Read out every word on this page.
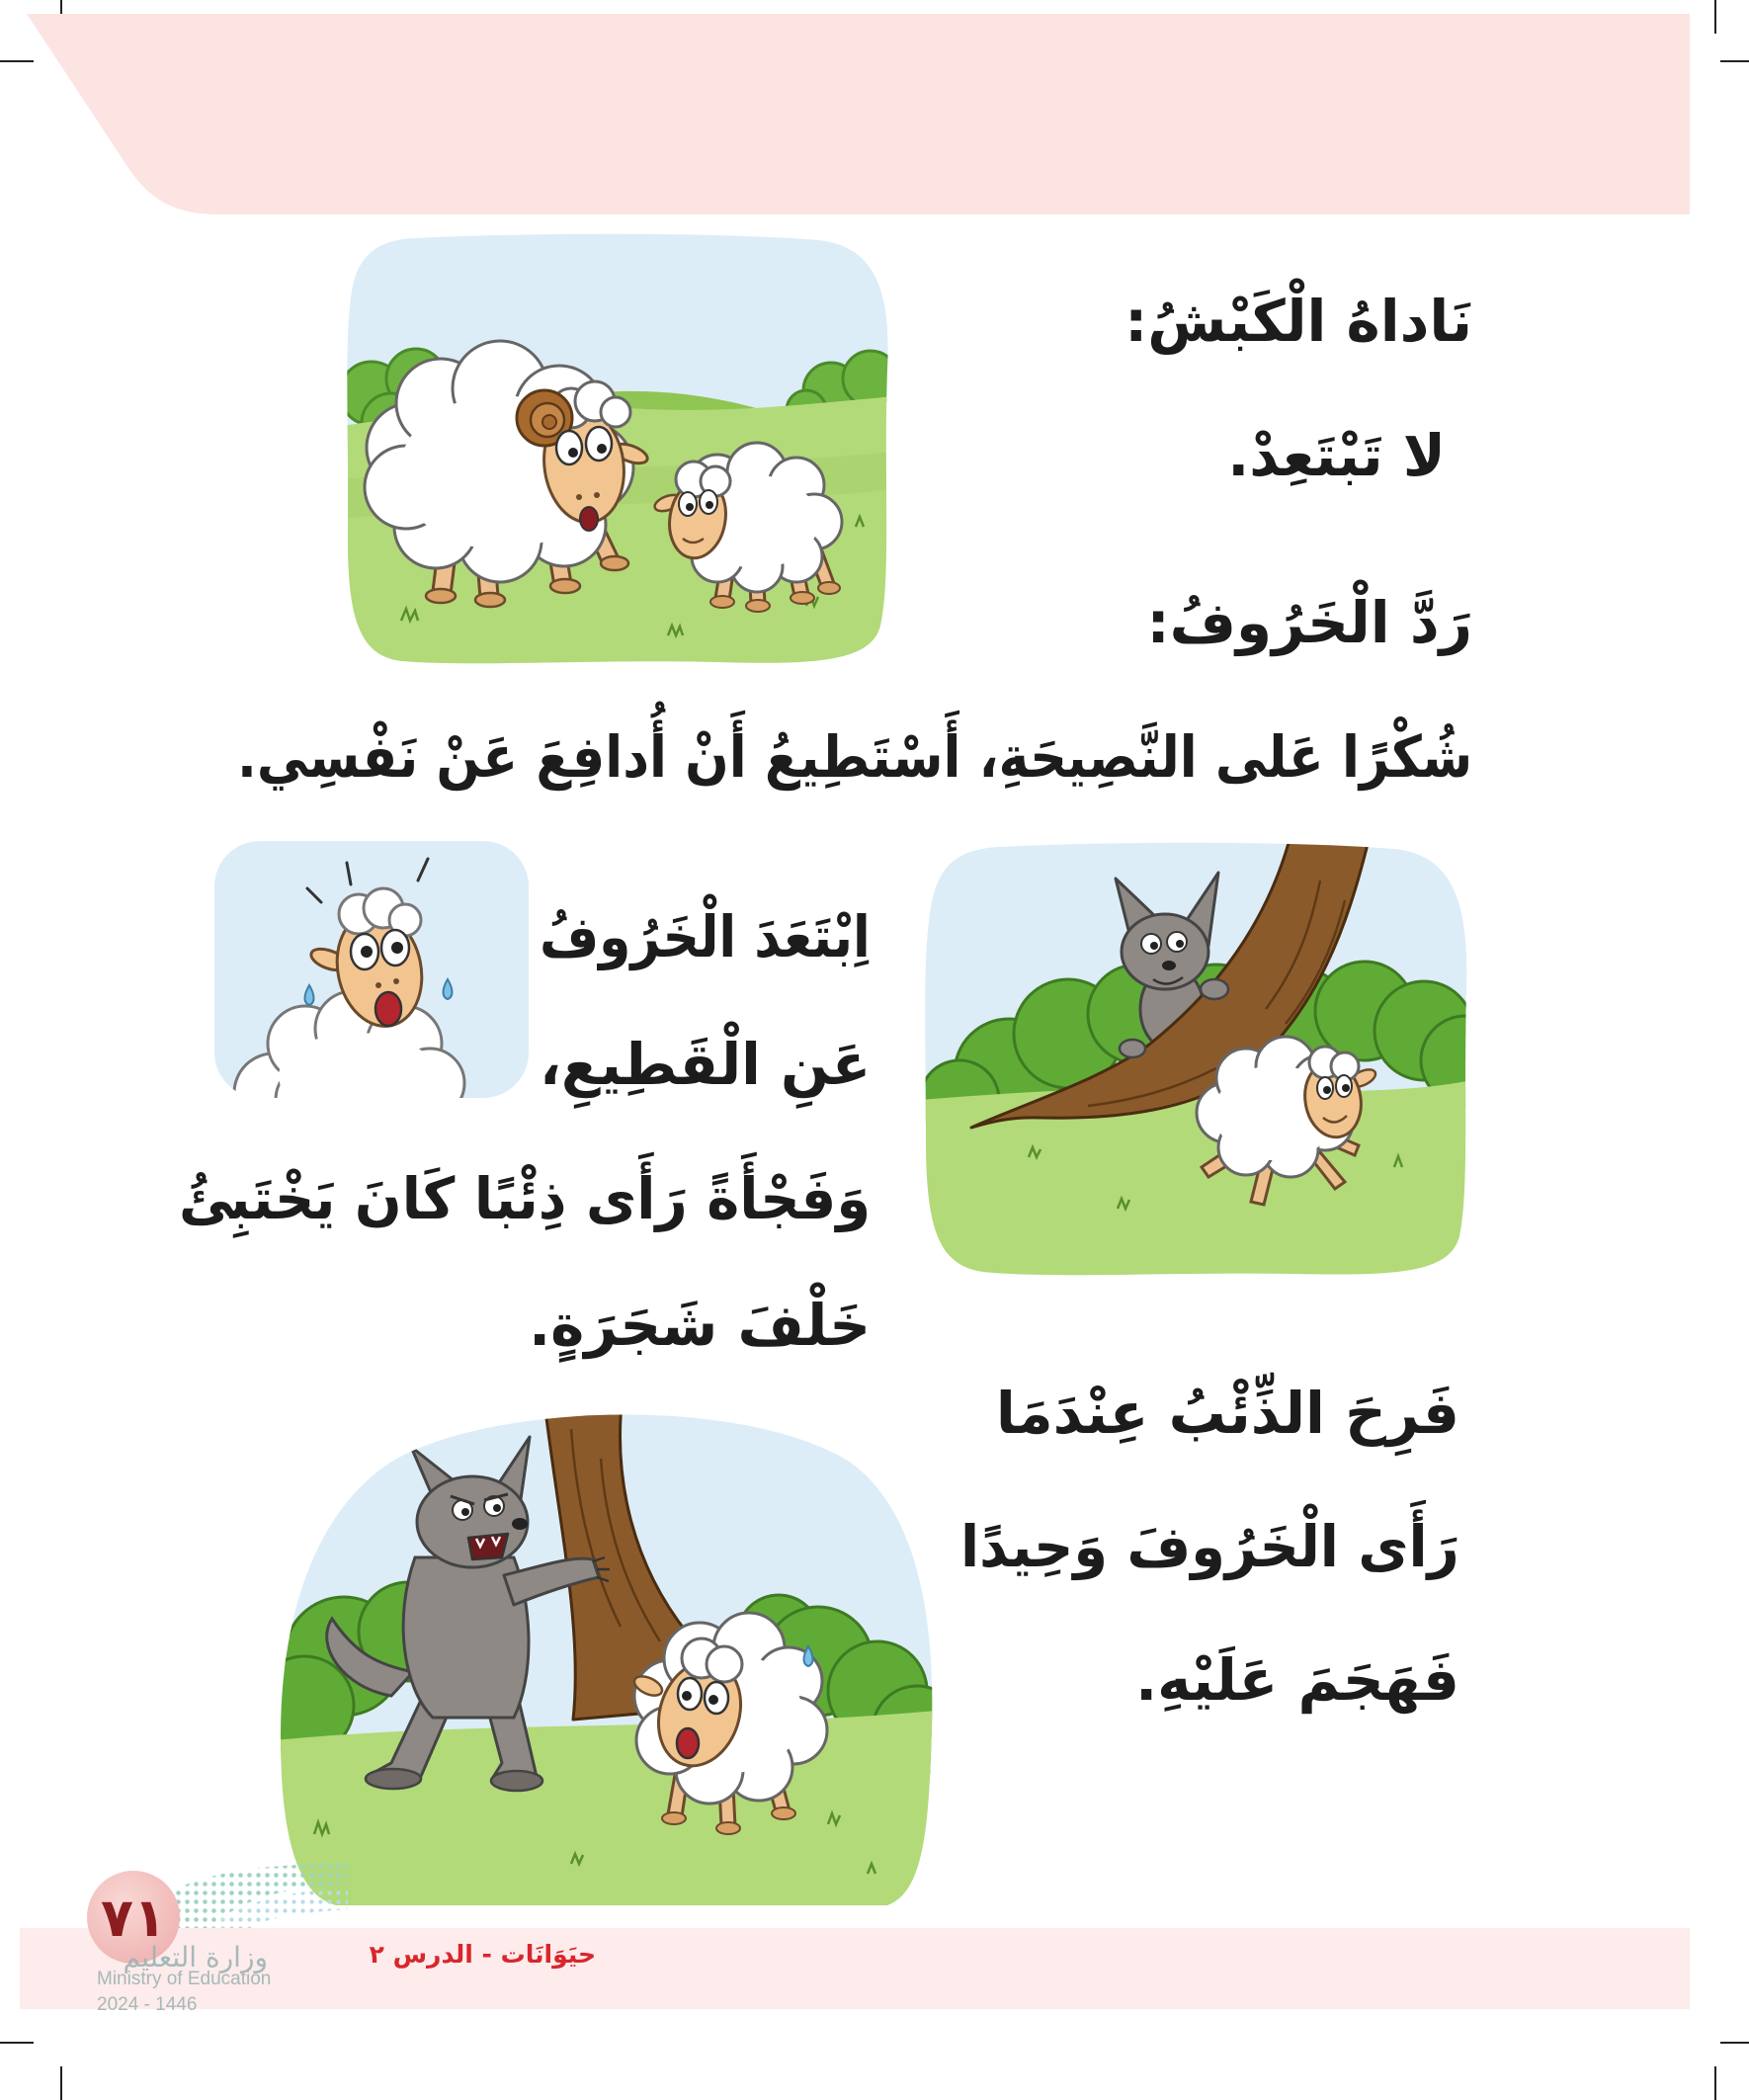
نَاداهُ الْكَبْشُ:
لا تَبْتَعِدْ.
رَدَّ الْخَرُوفُ:
شُكْرًا عَلى النَّصِيحَةِ، أَسْتَطِيعُ أَنْ أُدافِعَ عَنْ نَفْسِي.
اِبْتَعَدَ الْخَرُوفُ
عَنِ الْقَطِيعِ،
وَفَجْأَةً رَأَى ذِئْبًا كَانَ يَخْتَبِئُ
خَلْفَ شَجَرَةٍ.
فَرِحَ الذِّئْبُ عِنْدَمَا
رَأَى الْخَرُوفَ وَحِيدًا
فَهَجَمَ عَلَيْهِ.
٧١
وزارة التعليم
Ministry of Education
2024 - 1446
حيَوَانَات - الدرس ٢
